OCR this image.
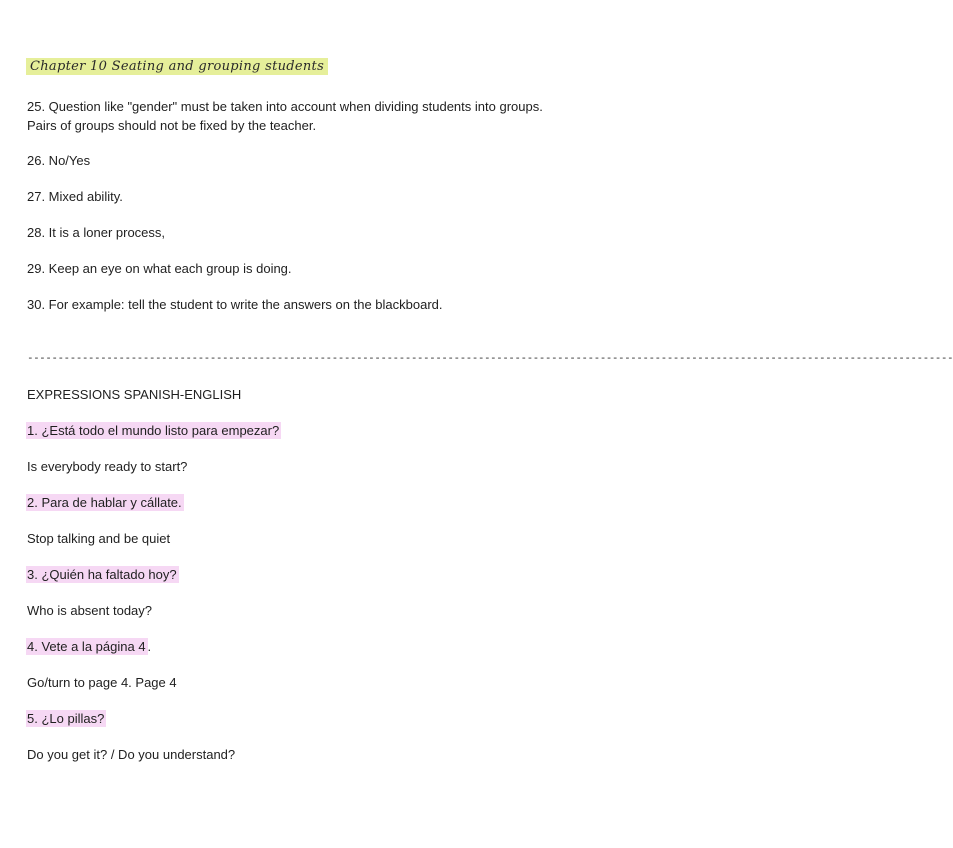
Chapter 10 Seating and grouping students
25. Question like "gender" must be taken into account when dividing students into groups. Pairs of groups should not be fixed by the teacher.
26. No/Yes
27. Mixed ability.
28. It is a loner process,
29. Keep an eye on what each group is doing.
30. For example: tell the student to write the answers on the blackboard.
--------------------------------------------------------------------------------------------------------------------------------------------------------
EXPRESSIONS SPANISH-ENGLISH
1. ¿Está todo el mundo listo para empezar?
Is everybody ready to start?
2. Para de hablar y cállate.
Stop talking and be quiet
3. ¿Quién ha faltado hoy?
Who is absent today?
4. Vete a la página 4 .
Go/turn to page 4. Page 4
5. ¿Lo pillas?
Do you get it? / Do you understand?
